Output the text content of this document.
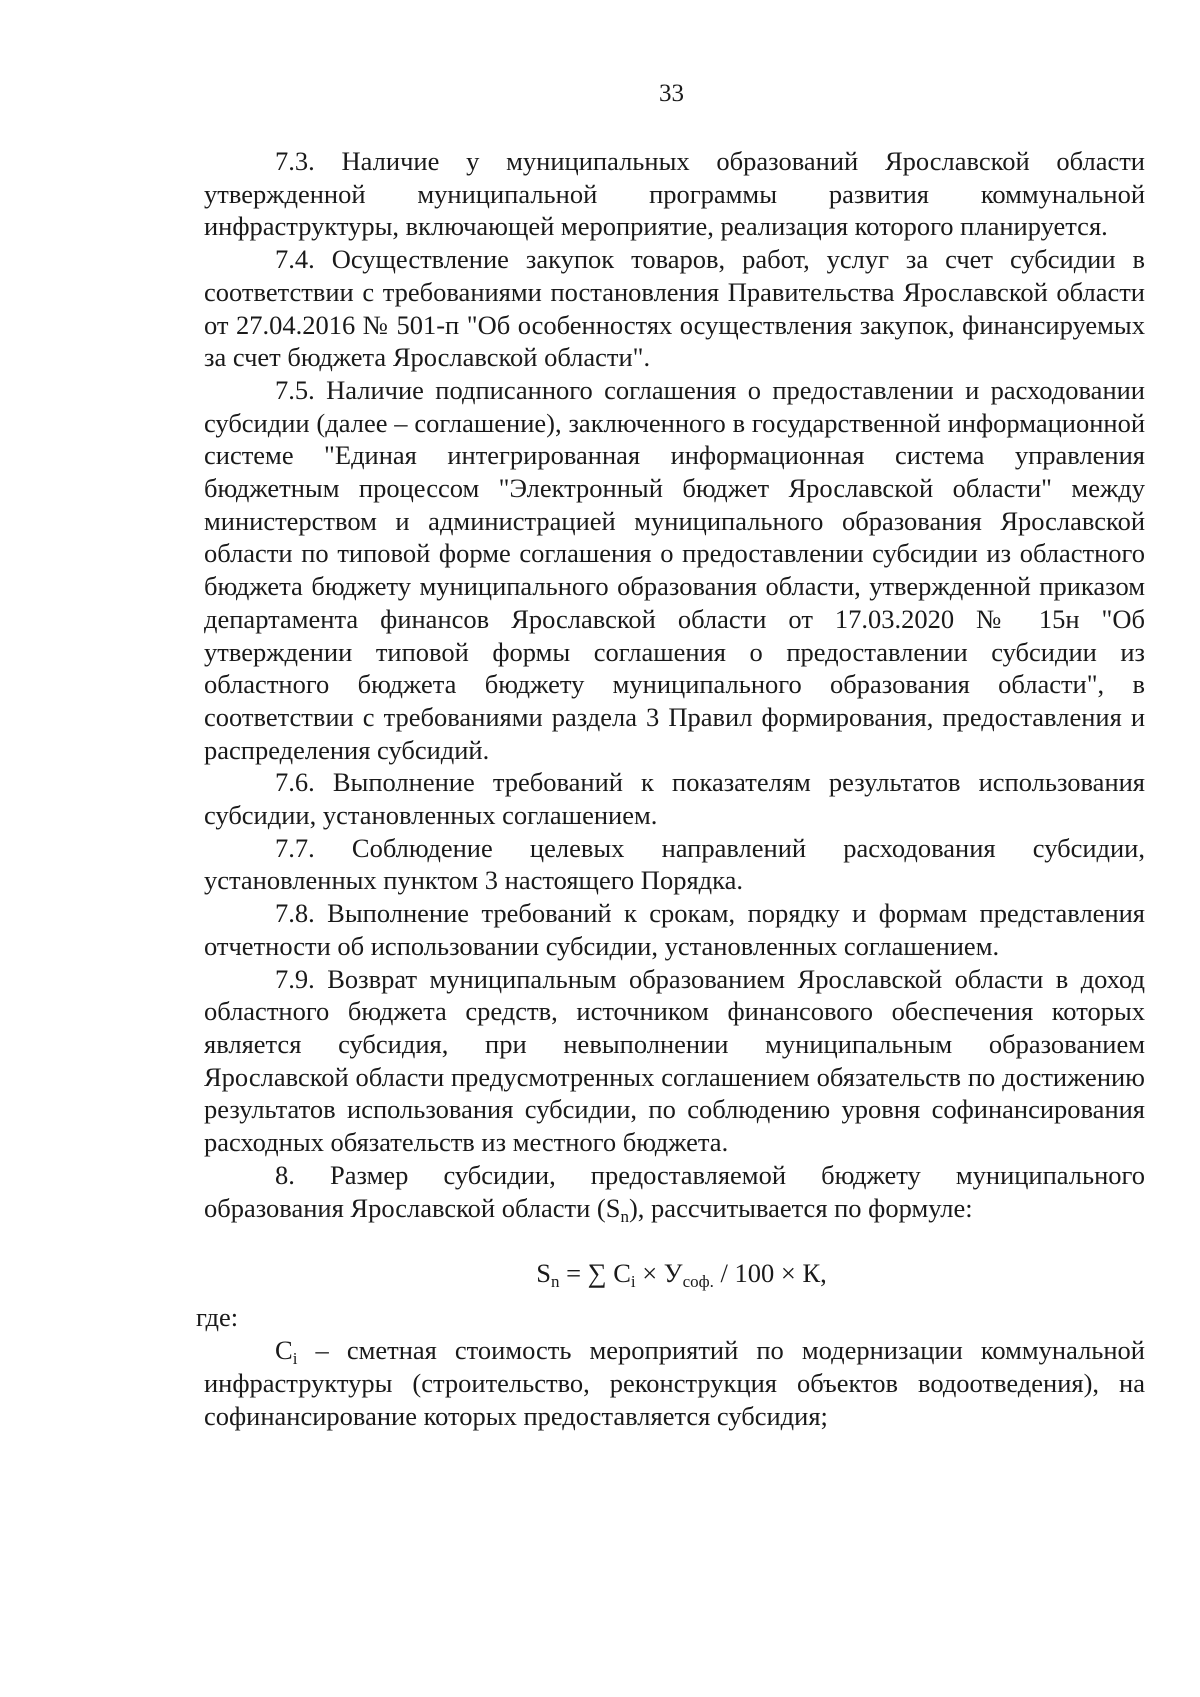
33

7.3. Наличие у муниципальных образований Ярославской области утвержденной муниципальной программы развития коммунальной инфраструктуры, включающей мероприятие, реализация которого планируется.

7.4. Осуществление закупок товаров, работ, услуг за счет субсидии в соответствии с требованиями постановления Правительства Ярославской области от 27.04.2016 № 501-п "Об особенностях осуществления закупок, финансируемых за счет бюджета Ярославской области".

7.5. Наличие подписанного соглашения о предоставлении и расходовании субсидии (далее – соглашение), заключенного в государственной информационной системе "Единая интегрированная информационная система управления бюджетным процессом "Электронный бюджет Ярославской области" между министерством и администрацией муниципального образования Ярославской области по типовой форме соглашения о предоставлении субсидии из областного бюджета бюджету муниципального образования области, утвержденной приказом департамента финансов Ярославской области от 17.03.2020 № 15н "Об утверждении типовой формы соглашения о предоставлении субсидии из областного бюджета бюджету муниципального образования области", в соответствии с требованиями раздела 3 Правил формирования, предоставления и распределения субсидий.

7.6. Выполнение требований к показателям результатов использования субсидии, установленных соглашением.

7.7. Соблюдение целевых направлений расходования субсидии, установленных пунктом 3 настоящего Порядка.

7.8. Выполнение требований к срокам, порядку и формам представления отчетности об использовании субсидии, установленных соглашением.

7.9. Возврат муниципальным образованием Ярославской области в доход областного бюджета средств, источником финансового обеспечения которых является субсидия, при невыполнении муниципальным образованием Ярославской области предусмотренных соглашением обязательств по достижению результатов использования субсидии, по соблюдению уровня софинансирования расходных обязательств из местного бюджета.

8. Размер субсидии, предоставляемой бюджету муниципального образования Ярославской области $(S_n)$, рассчитывается по формуле:

$S_n$ = ∑ $C_i \times У_{соф.} / 100 \times К$,

где:

$C_i$ – сметная стоимость мероприятий по модернизации коммунальной инфраструктуры (строительство, реконструкция объектов водоотведения), на софинансирование которых предоставляется субсидия;
